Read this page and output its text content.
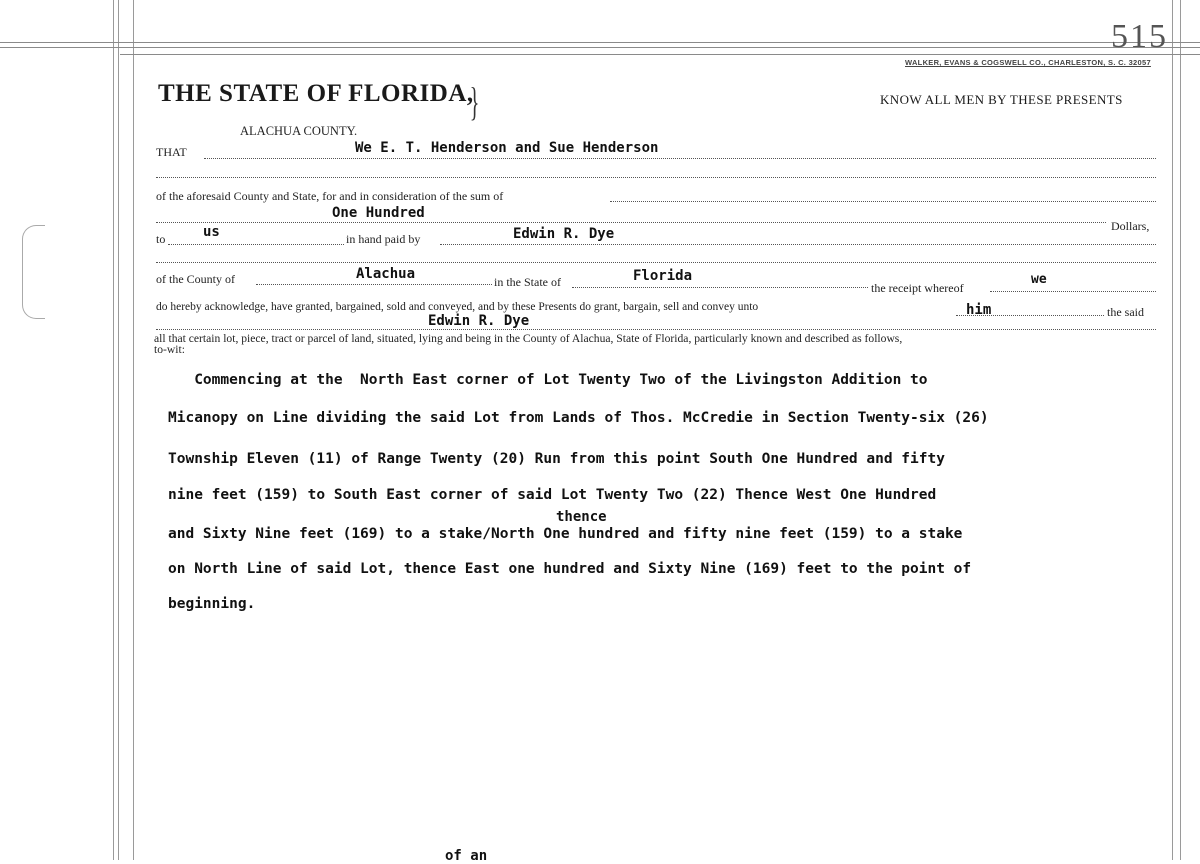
515
WALKER, EVANS & COGSWELL CO., CHARLESTON, S. C. 32057
THE STATE OF FLORIDA,
}	KNOW ALL MEN BY THESE PRESENTS
ALACHUA COUNTY.
THAT	We E. T. Henderson and Sue Henderson
of the aforesaid County and State, for and in consideration of the sum of
One Hundred
Dollars,
to	us	in hand paid by	Edwin R. Dye
of the County of	Alachua	in the State of	Florida
the receipt whereof
we
do hereby acknowledge, have granted, bargained, sold and conveyed, and by these Presents do grant, bargain, sell and convey unto	him	the said
Edwin R. Dye
all that certain lot, piece, tract or parcel of land, situated, lying and being in the County of Alachua, State of Florida, particularly known and described as follows,
to-wit:
Commencing at the  North East corner of Lot Twenty Two of the Livingston Addition to
Micanopy on Line dividing the said Lot from Lands of Thos. McCredie in Section Twenty-six (26)
Township Eleven (11) of Range Twenty (20) Run from this point South One Hundred and fifty
nine feet (159) to South East corner of said Lot Twenty Two (22) Thence West One Hundred
thence
and Sixty Nine feet (169) to a stake/North One hundred and fifty nine feet (159) to a stake
on North Line of said Lot, thence East one hundred and Sixty Nine (169) feet to the point of
beginning.
of an
